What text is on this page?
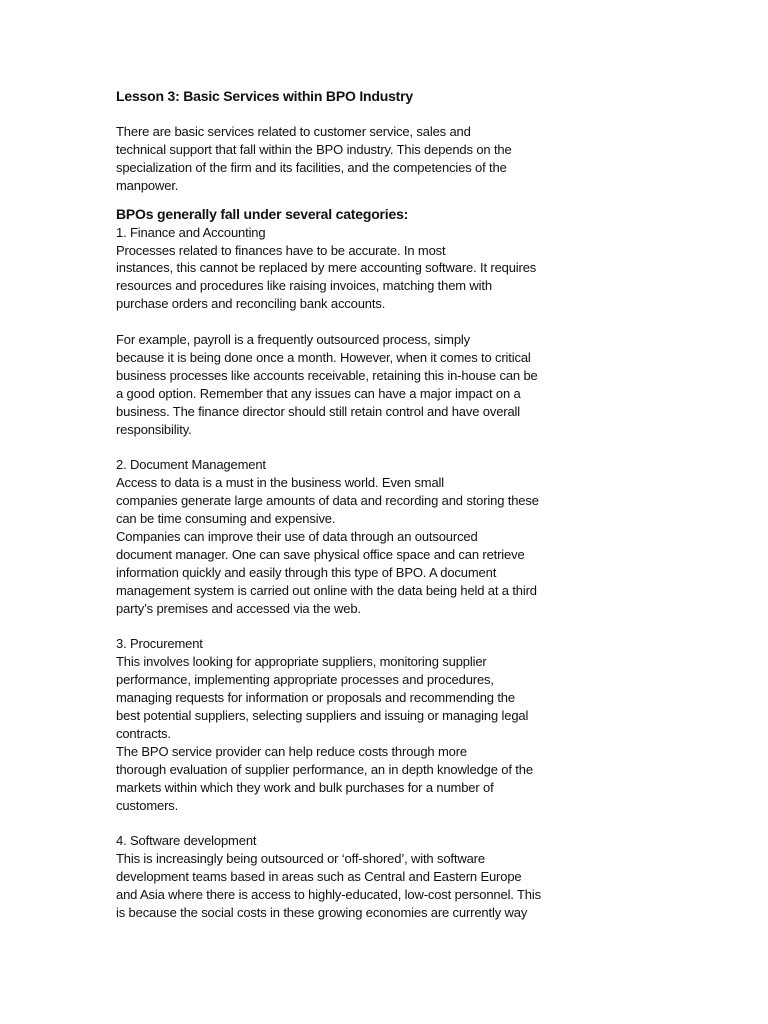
Lesson 3: Basic Services within BPO Industry
There are basic services related to customer service, sales and
technical support that fall within the BPO industry. This depends on the
specialization of the firm and its facilities, and the competencies of the
manpower.
BPOs generally fall under several categories:
1. Finance and Accounting
Processes related to finances have to be accurate. In most
instances, this cannot be replaced by mere accounting software. It requires
resources and procedures like raising invoices, matching them with
purchase orders and reconciling bank accounts.
For example, payroll is a frequently outsourced process, simply
because it is being done once a month. However, when it comes to critical
business processes like accounts receivable, retaining this in-house can be
a good option. Remember that any issues can have a major impact on a
business. The finance director should still retain control and have overall
responsibility.
2. Document Management
Access to data is a must in the business world. Even small
companies generate large amounts of data and recording and storing these
can be time consuming and expensive.
Companies can improve their use of data through an outsourced
document manager. One can save physical office space and can retrieve
information quickly and easily through this type of BPO. A document
management system is carried out online with the data being held at a third
party’s premises and accessed via the web.
3. Procurement
This involves looking for appropriate suppliers, monitoring supplier
performance, implementing appropriate processes and procedures,
managing requests for information or proposals and recommending the
best potential suppliers, selecting suppliers and issuing or managing legal
contracts.
The BPO service provider can help reduce costs through more
thorough evaluation of supplier performance, an in depth knowledge of the
markets within which they work and bulk purchases for a number of
customers.
4. Software development
This is increasingly being outsourced or ‘off-shored’, with software
development teams based in areas such as Central and Eastern Europe
and Asia where there is access to highly-educated, low-cost personnel. This
is because the social costs in these growing economies are currently way
